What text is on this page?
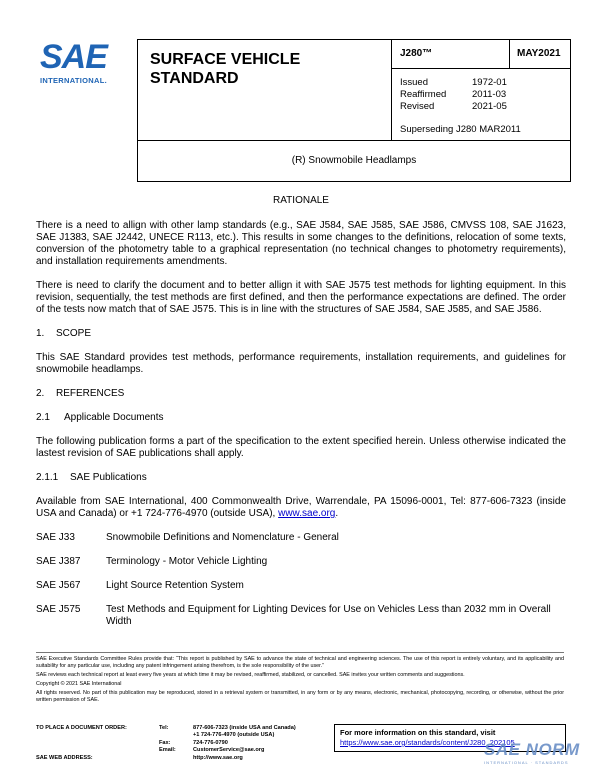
SAE
INTERNATIONAL.
SURFACE VEHICLE
STANDARD
J280™	MAY2021
Issued	1972-01
Reaffirmed	2011-03
Revised	2021-05
Superseding J280 MAR2011
(R) Snowmobile Headlamps
RATIONALE

There is a need to allign with other lamp standards (e.g., SAE J584, SAE J585, SAE J586, CMVSS 108, SAE J1623, SAE J1383, SAE J2442, UNECE R113, etc.). This results in some changes to the definitions, relocation of some texts, conversion of the photometry table to a graphical representation (no technical changes to photometry requirements), and installation requirements amendments.

There is need to clarify the document and to better allign it with SAE J575 test methods for lighting equipment. In this revision, sequentially, the test methods are first defined, and then the performance expectations are defined. The order of the tests now match that of SAE J575. This is in line with the structures of SAE J584, SAE J585, and SAE J586.

1. SCOPE

This SAE Standard provides test methods, performance requirements, installation requirements, and guidelines for snowmobile headlamps.

2. REFERENCES
2.1 Applicable Documents

The following publication forms a part of the specification to the extent specified herein. Unless otherwise indicated the lastest revision of SAE publications shall apply.

2.1.1 SAE Publications

Available from SAE International, 400 Commonwealth Drive, Warrendale, PA 15096-0001, Tel: 877-606-7323 (inside USA and Canada) or +1 724-776-4970 (outside USA), www.sae.org.

SAE J33	Snowmobile Definitions and Nomenclature - General
SAE J387	Terminology - Motor Vehicle Lighting
SAE J567	Light Source Retention System
SAE J575	Test Methods and Equipment for Lighting Devices for Use on Vehicles Less than 2032 mm in Overall Width

SAE Executive Standards Committee Rules provide that: “This report is published by SAE to advance the state of technical and engineering sciences. The use of this report is entirely voluntary, and its applicability and suitability for any particular use, including any patent infringement arising therefrom, is the sole responsibility of the user.”

SAE reviews each technical report at least every five years at which time it may be revised, reaffirmed, stabilized, or cancelled. SAE invites your written comments and suggestions.

Copyright © 2021 SAE International

All rights reserved. No part of this publication may be reproduced, stored in a retrieval system or transmitted, in any form or by any means, electronic, mechanical, photocopying, recording, or otherwise, without the prior written permission of SAE.

TO PLACE A DOCUMENT ORDER:	Tel:	877-606-7323 (inside USA and Canada)
+1 724-776-4970 (outside USA)
Fax:	724-776-0790
Email:	CustomerService@sae.org
SAE WEB ADDRESS:	http://www.sae.org
For more information on this standard, visit
https://www.sae.org/standards/content/J280_202105
SAE NORM
INTERNATIONAL · STANDARDS
